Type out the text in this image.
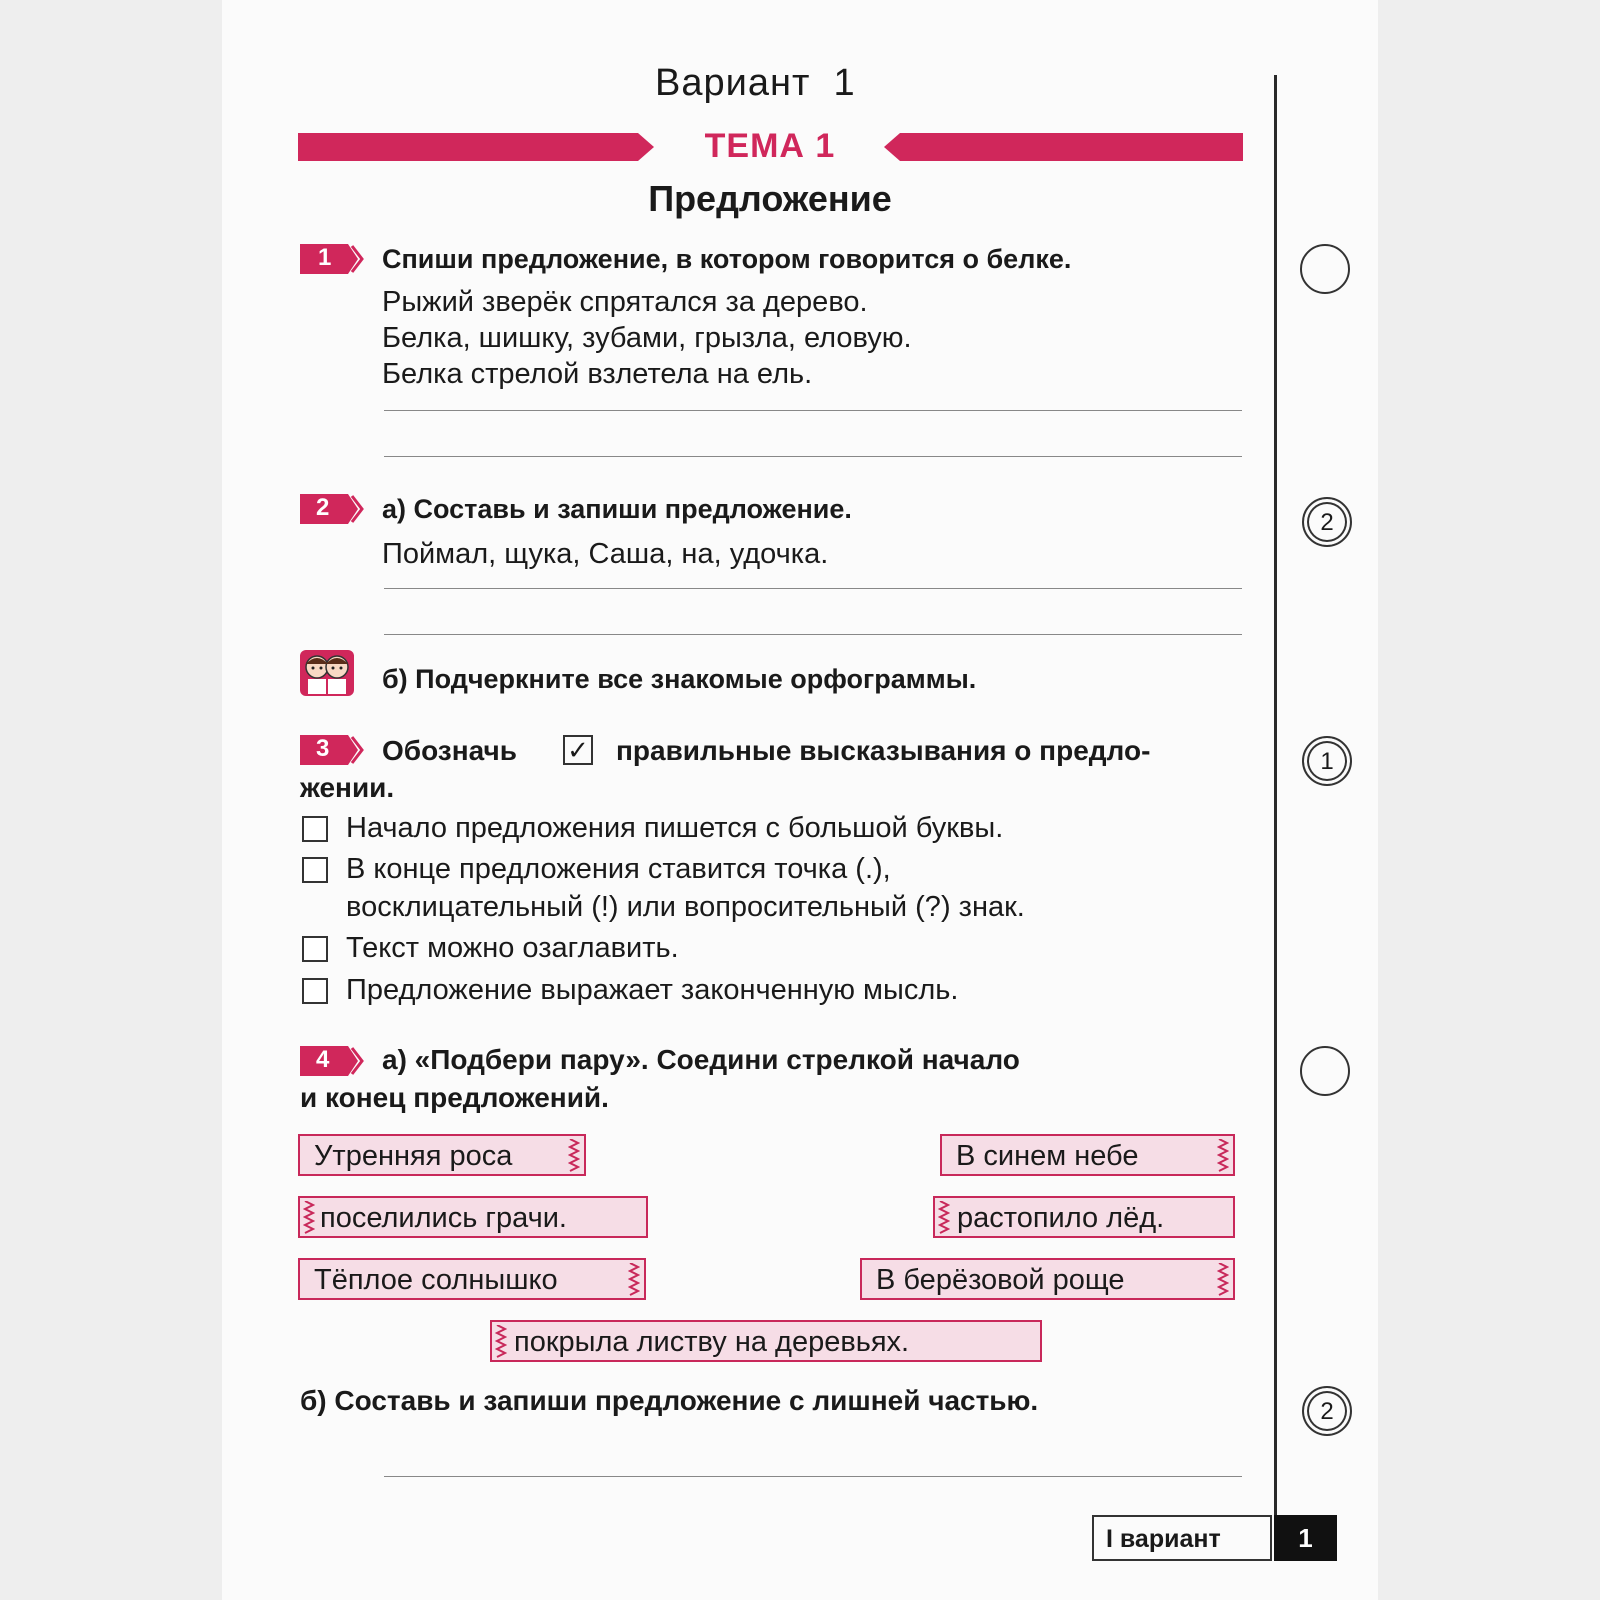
Вариант  1
ТЕМА 1
Предложение
1 Спиши предложение, в котором говорится о белке.
Рыжий зверёк спрятался за дерево.
Белка, шишку, зубами, грызла, еловую.
Белка стрелой взлетела на ель.
2 а) Составь и запиши предложение.
Поймал, щука, Саша, на, удочка.
2
б) Подчеркните все знакомые орфограммы.
3 Обозначь ✓ правильные высказывания о предло-
жении.
1
Начало предложения пишется с большой буквы.
В конце предложения ставится точка (.),
восклицательный (!) или вопросительный (?) знак.
Текст можно озаглавить.
Предложение выражает законченную мысль.
4 а) «Подбери пару». Соедини стрелкой начало
и конец предложений.
Утренняя роса	В синем небе
поселились грачи.	растопило лёд.
Тёплое солнышко	В берёзовой роще
покрыла листву на деревьях.
б) Составь и запиши предложение с лишней частью.	2
I вариант	1
